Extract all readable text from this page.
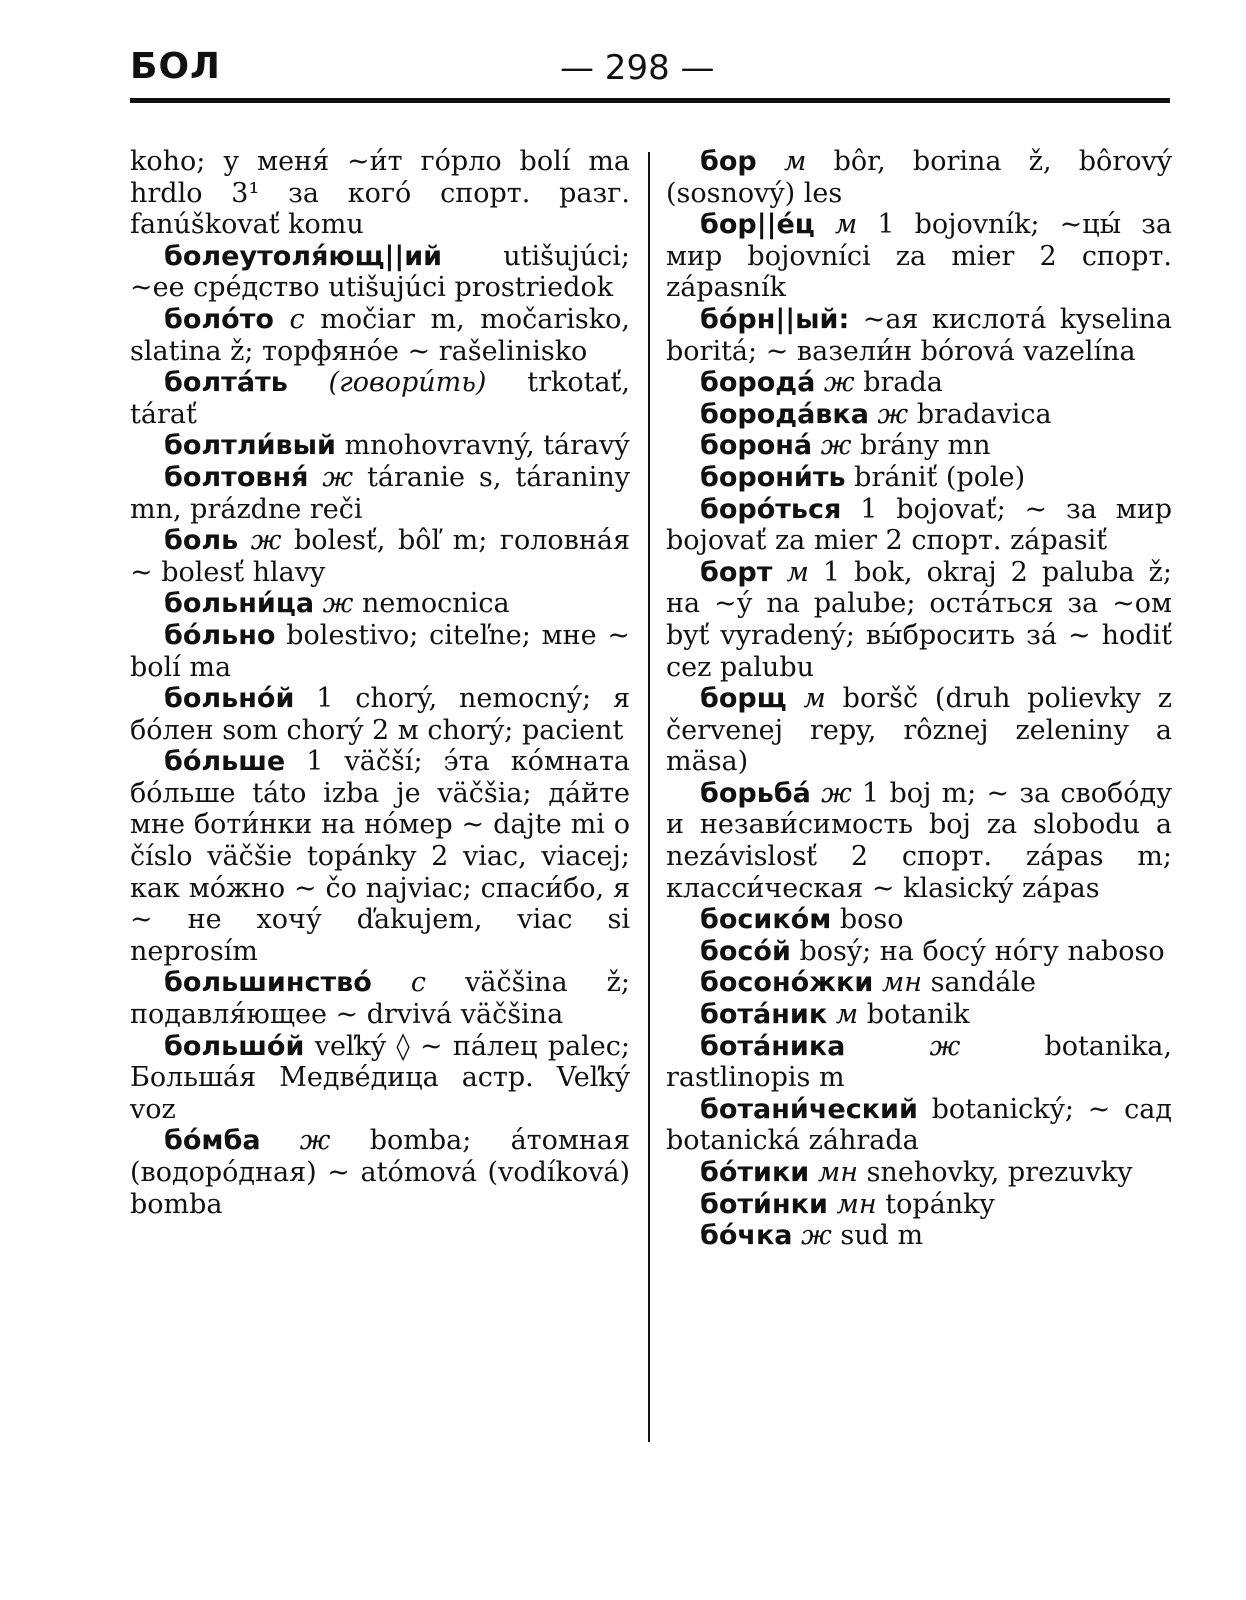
БОЛ	— 298 —

koho; у меня́ ~и́т го́рло bolí ma hrdlo 3¹ за кого́ спорт. разг. fanúškovať komu

болеутоля́ющ||ий utišujúci; ~ее сре́дство utišujúci prostriedok

боло́то с močiar m, močarisko, slatina ž; торфяно́е ~ rašelinisko

болта́ть (говори́ть) trkotať, tárať

болтли́вый mnohovravný, táravý

болтовня́ ж táranie s, táraniny mn, prázdne reči

боль ж bolesť, bôľ m; головна́я ~ bolesť hlavy

больни́ца ж nemocnica

бо́льно bolestivo; citeľne; мне ~ bolí ma

больно́й 1 chorý, nemocný; я бо́лен som chorý 2 м chorý; pacient

бо́льше 1 väčší; э́та ко́мната бо́льше táto izba je väčšia; да́йте мне боти́нки на но́мер ~ dajte mi o číslo väčšie topánky 2 viac, viacej; как мо́жно ~ čo najviac; спаси́бо, я ~ не хочу́ ďakujem, viac si neprosím

большинство́ с väčšina ž; подавля́ющее ~ drvivá väčšina

большо́й veľký ◊ ~ па́лец palec; Больша́я Медве́дица астр. Veľký voz

бо́мба ж bomba; а́томная (водоро́дная) ~ atómová (vodíková) bomba

бор м bôr, borina ž, bôrový (sosnový) les

бор||е́ц м 1 bojovník; ~цы́ за мир bojovníci za mier 2 спорт. zápasník

бо́рн||ый: ~ая кислота́ kyselina boritá; ~ вазели́н bórová vazelína

борода́ ж brada

борода́вка ж bradavica

борона́ ж brány mn

борони́ть brániť (pole)

боро́ться 1 bojovať; ~ за мир bojovať za mier 2 спорт. zápasiť

борт м 1 bok, okraj 2 paluba ž; на ~у́ na palube; оста́ться за ~ом byť vyradený; вы́бросить за́ ~ hodiť cez palubu

борщ м boršč (druh polievky z červenej repy, rôznej zeleniny a mäsa)

борьба́ ж 1 boj m; ~ за свобо́ду и незави́симость boj za slobodu a nezávislosť 2 спорт. zápas m; класси́ческая ~ klasický zápas

босико́м boso

босо́й bosý; на босу́ но́гу naboso

босоно́жки мн sandále

бота́ник м botanik

бота́ника	ж	botanika, rastlinopis m

ботани́ческий botanický; ~ сад botanická záhrada

бо́тики мн snehovky, prezuvky

боти́нки мн topánky

бо́чка ж sud m
